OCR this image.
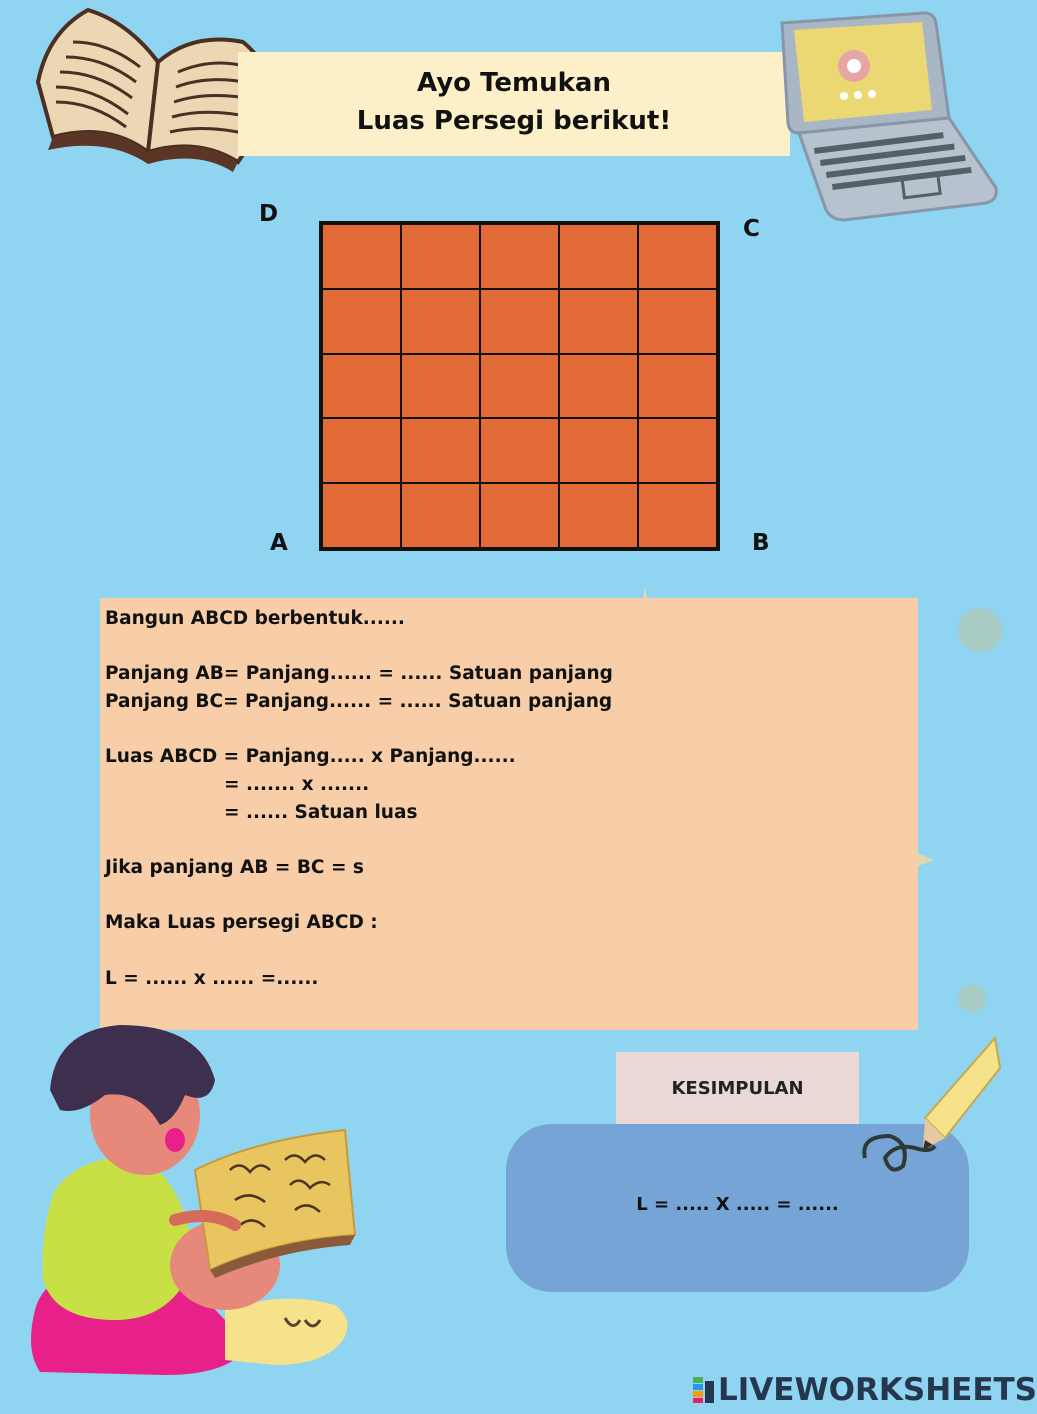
Ayo Temukan
Luas Persegi berikut!
D
C
A	B
Bangun ABCD berbentuk......
Panjang AB= Panjang...... = ...... Satuan panjang
Panjang BC= Panjang...... = ...... Satuan panjang
Luas ABCD = Panjang..... x Panjang......
= ....... x .......
= ...... Satuan luas
Jika panjang AB = BC = s
Maka Luas persegi ABCD :
L = ...... x ...... =......
L = ..... X ..... = ......
KESIMPULAN
LIVEWORKSHEETS
